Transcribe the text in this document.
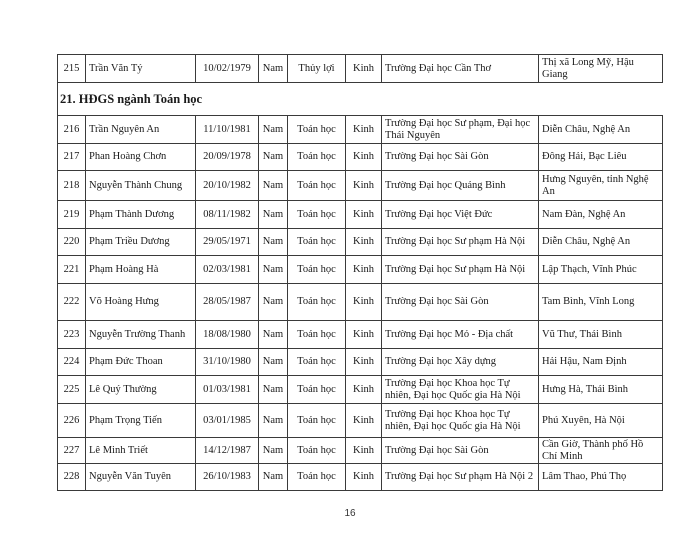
215	Trần Văn Tý	10/02/1979	Nam	Thủy lợi	Kinh	Trường Đại học Cần Thơ	Thị xã Long Mỹ, Hậu Giang
21. HĐGS ngành Toán học							
216	Trần Nguyên An	11/10/1981	Nam	Toán học	Kinh	Trường Đại học Sư phạm, Đại học Thái Nguyên	Diễn Châu, Nghệ An
217	Phan Hoàng Chơn	20/09/1978	Nam	Toán học	Kinh	Trường Đại học Sài Gòn	Đông Hải, Bạc Liêu
218	Nguyễn Thành Chung	20/10/1982	Nam	Toán học	Kinh	Trường Đại học Quảng Bình	Hưng Nguyên, tỉnh Nghệ An
219	Phạm Thành Dương	08/11/1982	Nam	Toán học	Kinh	Trường Đại học Việt Đức	Nam Đàn, Nghệ An
220	Phạm Triều Dương	29/05/1971	Nam	Toán học	Kinh	Trường Đại học Sư phạm Hà Nội	Diễn Châu, Nghệ An
221	Phạm Hoàng Hà	02/03/1981	Nam	Toán học	Kinh	Trường Đại học Sư phạm Hà Nội	Lập Thạch, Vĩnh Phúc
222	Võ Hoàng Hưng	28/05/1987	Nam	Toán học	Kinh	Trường Đại học Sài Gòn	Tam Bình, Vĩnh Long
223	Nguyễn Trường Thanh	18/08/1980	Nam	Toán học	Kinh	Trường Đại học Mỏ - Địa chất	Vũ Thư, Thái Bình
224	Phạm Đức Thoan	31/10/1980	Nam	Toán học	Kinh	Trường Đại học Xây dựng	Hải Hậu, Nam Định
225	Lê Quý Thường	01/03/1981	Nam	Toán học	Kinh	Trường Đại học Khoa học Tự nhiên, Đại học Quốc gia Hà Nội	Hưng Hà, Thái Bình
226	Phạm Trọng Tiến	03/01/1985	Nam	Toán học	Kinh	Trường Đại học Khoa học Tự nhiên, Đại học Quốc gia Hà Nội	Phú Xuyên, Hà Nội
227	Lê Minh Triết	14/12/1987	Nam	Toán học	Kinh	Trường Đại học Sài Gòn	Cần Giờ, Thành phố Hồ Chí Minh
228	Nguyễn Văn Tuyên	26/10/1983	Nam	Toán học	Kinh	Trường Đại học Sư phạm Hà Nội 2	Lâm Thao, Phú Thọ
16
